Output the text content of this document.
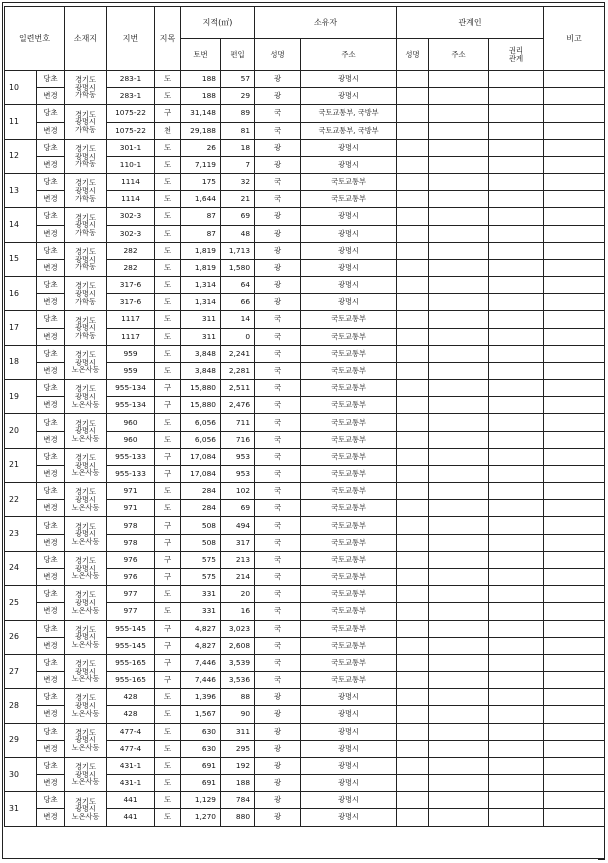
일련번호		소재지	지번	지목	지적(㎡)		소유자		관계인			비고
					토번	편입	성명	주소	성명	주소	권리
관계	
10	당초	경기도
광명시
가학동	283-1	도	188	57	광	광명시				
	변경		283-1	도	188	29	광	광명시				
11	당초	경기도
광명시
가학동	1075-22	구	31,148	89	국	국토교통부, 국방부				
	변경		1075-22	천	29,188	81	국	국토교통부, 국방부				
12	당초	경기도
광명시
가학동	301-1	도	26	18	광	광명시				
	변경		110-1	도	7,119	7	광	광명시				
13	당초	경기도
광명시
가학동	1114	도	175	32	국	국토교통부				
	변경		1114	도	1,644	21	국	국토교통부				
14	당초	경기도
광명시
가학동	302-3	도	87	69	광	광명시				
	변경		302-3	도	87	48	광	광명시				
15	당초	경기도
광명시
가학동	282	도	1,819	1,713	광	광명시				
	변경		282	도	1,819	1,580	광	광명시				
16	당초	경기도
광명시
가학동	317-6	도	1,314	64	광	광명시				
	변경		317-6	도	1,314	66	광	광명시				
17	당초	경기도
광명시
가학동	1117	도	311	14	국	국토교통부				
	변경		1117	도	311	0	국	국토교통부				
18	당초	경기도
광명시
노온사동	959	도	3,848	2,241	국	국토교통부				
	변경		959	도	3,848	2,281	국	국토교통부				
19	당초	경기도
광명시
노온사동	955-134	구	15,880	2,511	국	국토교통부				
	변경		955-134	구	15,880	2,476	국	국토교통부				
20	당초	경기도
광명시
노온사동	960	도	6,056	711	국	국토교통부				
	변경		960	도	6,056	716	국	국토교통부				
21	당초	경기도
광명시
노온사동	955-133	구	17,084	953	국	국토교통부				
	변경		955-133	구	17,084	953	국	국토교통부				
22	당초	경기도
광명시
노온사동	971	도	284	102	국	국토교통부				
	변경		971	도	284	69	국	국토교통부				
23	당초	경기도
광명시
노온사동	978	구	508	494	국	국토교통부				
	변경		978	구	508	317	국	국토교통부				
24	당초	경기도
광명시
노온사동	976	구	575	213	국	국토교통부				
	변경		976	구	575	214	국	국토교통부				
25	당초	경기도
광명시
노온사동	977	도	331	20	국	국토교통부				
	변경		977	도	331	16	국	국토교통부				
26	당초	경기도
광명시
노온사동	955-145	구	4,827	3,023	국	국토교통부				
	변경		955-145	구	4,827	2,608	국	국토교통부				
27	당초	경기도
광명시
노온사동	955-165	구	7,446	3,539	국	국토교통부				
	변경		955-165	구	7,446	3,536	국	국토교통부				
28	당초	경기도
광명시
노온사동	428	도	1,396	88	광	광명시				
	변경		428	도	1,567	90	광	광명시				
29	당초	경기도
광명시
노온사동	477-4	도	630	311	광	광명시				
	변경		477-4	도	630	295	광	광명시				
30	당초	경기도
광명시
노온사동	431-1	도	691	192	광	광명시				
	변경		431-1	도	691	188	광	광명시				
31	당초	경기도
광명시
노온사동	441	도	1,129	784	광	광명시				
	변경		441	도	1,270	880	광	광명시				
